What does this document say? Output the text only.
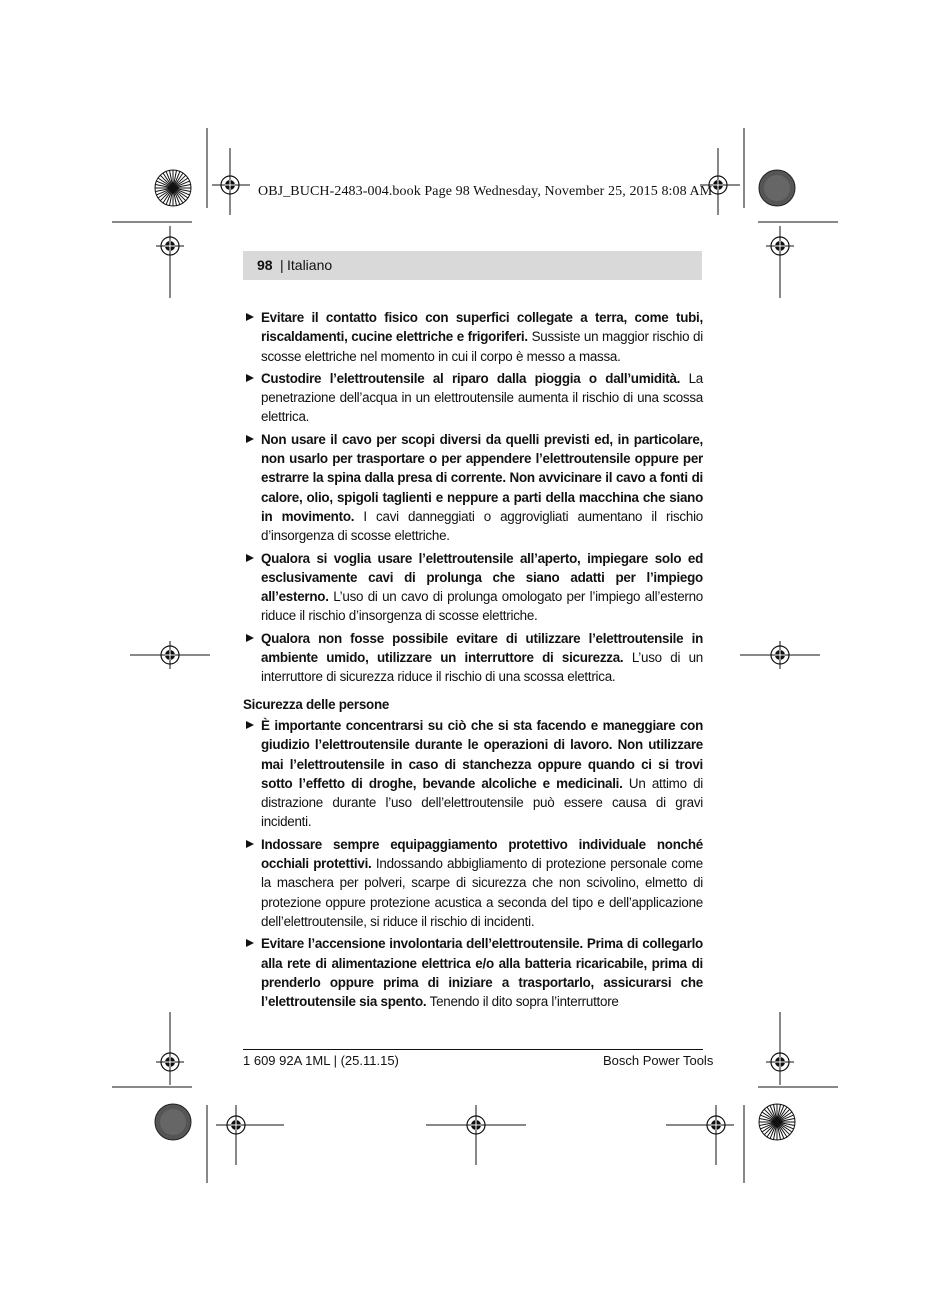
OBJ_BUCH-2483-004.book Page 98 Wednesday, November 25, 2015 8:08 AM
98 | Italiano
Evitare il contatto fisico con superfici collegate a terra, come tubi, riscaldamenti, cucine elettriche e frigoriferi. Sussiste un maggior rischio di scosse elettriche nel momento in cui il corpo è messo a massa.
Custodire l’elettroutensile al riparo dalla pioggia o dall’umidità. La penetrazione dell’acqua in un elettroutensile aumenta il rischio di una scossa elettrica.
Non usare il cavo per scopi diversi da quelli previsti ed, in particolare, non usarlo per trasportare o per appendere l’elettroutensile oppure per estrarre la spina dalla presa di corrente. Non avvicinare il cavo a fonti di calore, olio, spigoli taglienti e neppure a parti della macchina che siano in movimento. I cavi danneggiati o aggrovigliati aumentano il rischio d’insorgenza di scosse elettriche.
Qualora si voglia usare l’elettroutensile all’aperto, impiegare solo ed esclusivamente cavi di prolunga che siano adatti per l’impiego all’esterno. L’uso di un cavo di prolunga omologato per l’impiego all’esterno riduce il rischio d’insorgenza di scosse elettriche.
Qualora non fosse possibile evitare di utilizzare l’elettroutensile in ambiente umido, utilizzare un interruttore di sicurezza. L’uso di un interruttore di sicurezza riduce il rischio di una scossa elettrica.
Sicurezza delle persone
È importante concentrarsi su ciò che si sta facendo e maneggiare con giudizio l’elettroutensile durante le operazioni di lavoro. Non utilizzare mai l’elettroutensile in caso di stanchezza oppure quando ci si trovi sotto l’effetto di droghe, bevande alcoliche e medicinali. Un attimo di distrazione durante l’uso dell’elettroutensile può essere causa di gravi incidenti.
Indossare sempre equipaggiamento protettivo individuale nonché occhiali protettivi. Indossando abbigliamento di protezione personale come la maschera per polveri, scarpe di sicurezza che non scivolino, elmetto di protezione oppure protezione acustica a seconda del tipo e dell’applicazione dell’elettroutensile, si riduce il rischio di incidenti.
Evitare l’accensione involontaria dell’elettroutensile. Prima di collegarlo alla rete di alimentazione elettrica e/o alla batteria ricaricabile, prima di prenderlo oppure prima di iniziare a trasportarlo, assicurarsi che l’elettroutensile sia spento. Tenendo il dito sopra l’interruttore
1 609 92A 1ML | (25.11.15)	Bosch Power Tools
